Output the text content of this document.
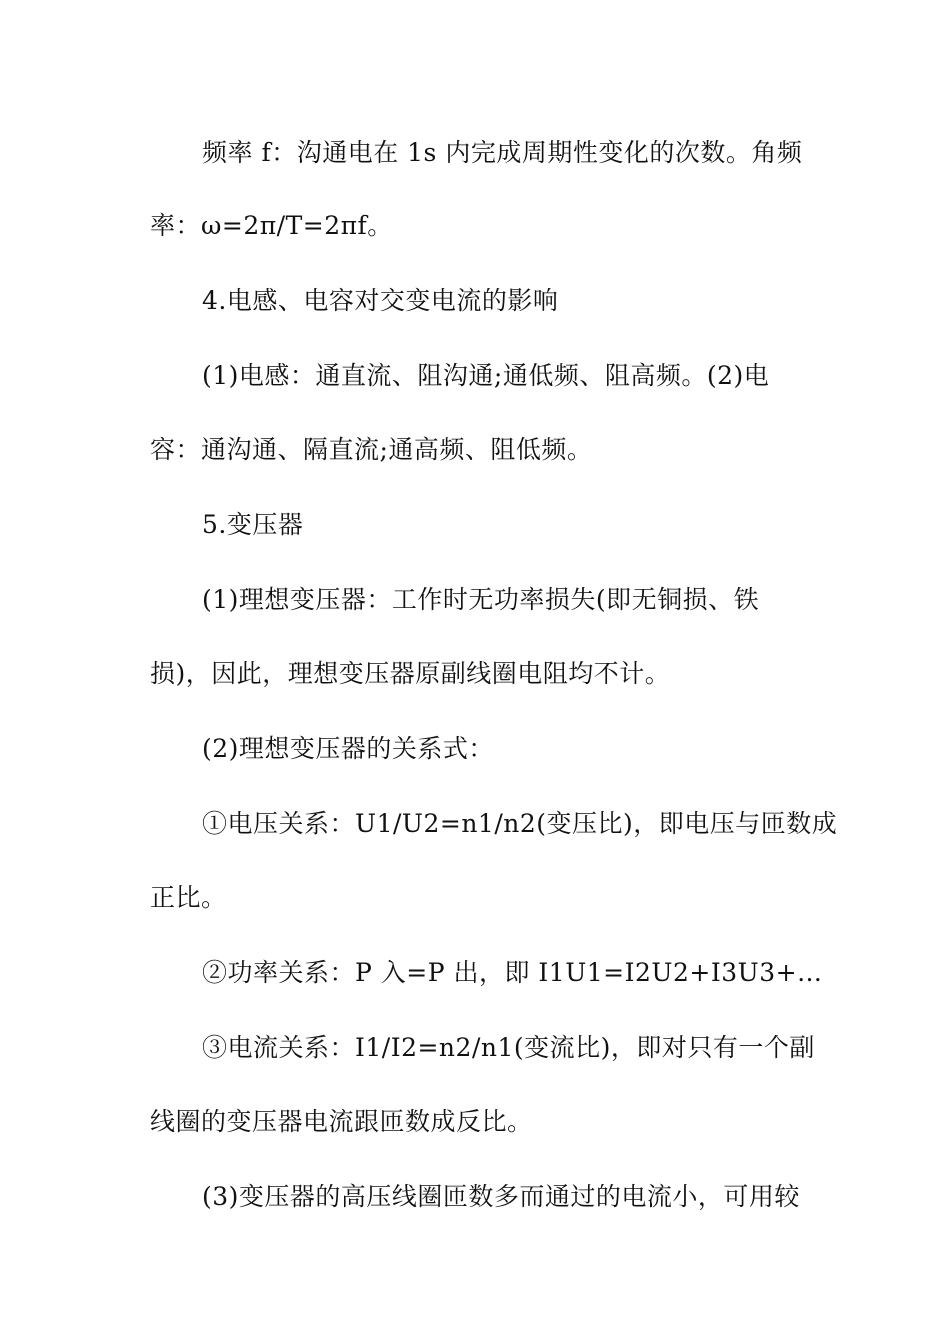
频率 f：沟通电在 1s 内完成周期性变化的次数。角频
率：ω=2π/T=2πf。
4.电感、电容对交变电流的影响
(1)电感：通直流、阻沟通;通低频、阻高频。(2)电
容：通沟通、隔直流;通高频、阻低频。
5.变压器
(1)理想变压器：工作时无功率损失(即无铜损、铁
损)，因此，理想变压器原副线圈电阻均不计。
(2)理想变压器的关系式：
①电压关系：U1/U2=n1/n2(变压比)，即电压与匝数成
正比。
②功率关系：P 入=P 出，即 I1U1=I2U2+I3U3+…
③电流关系：I1/I2=n2/n1(变流比)，即对只有一个副
线圈的变压器电流跟匝数成反比。
(3)变压器的高压线圈匝数多而通过的电流小，可用较
